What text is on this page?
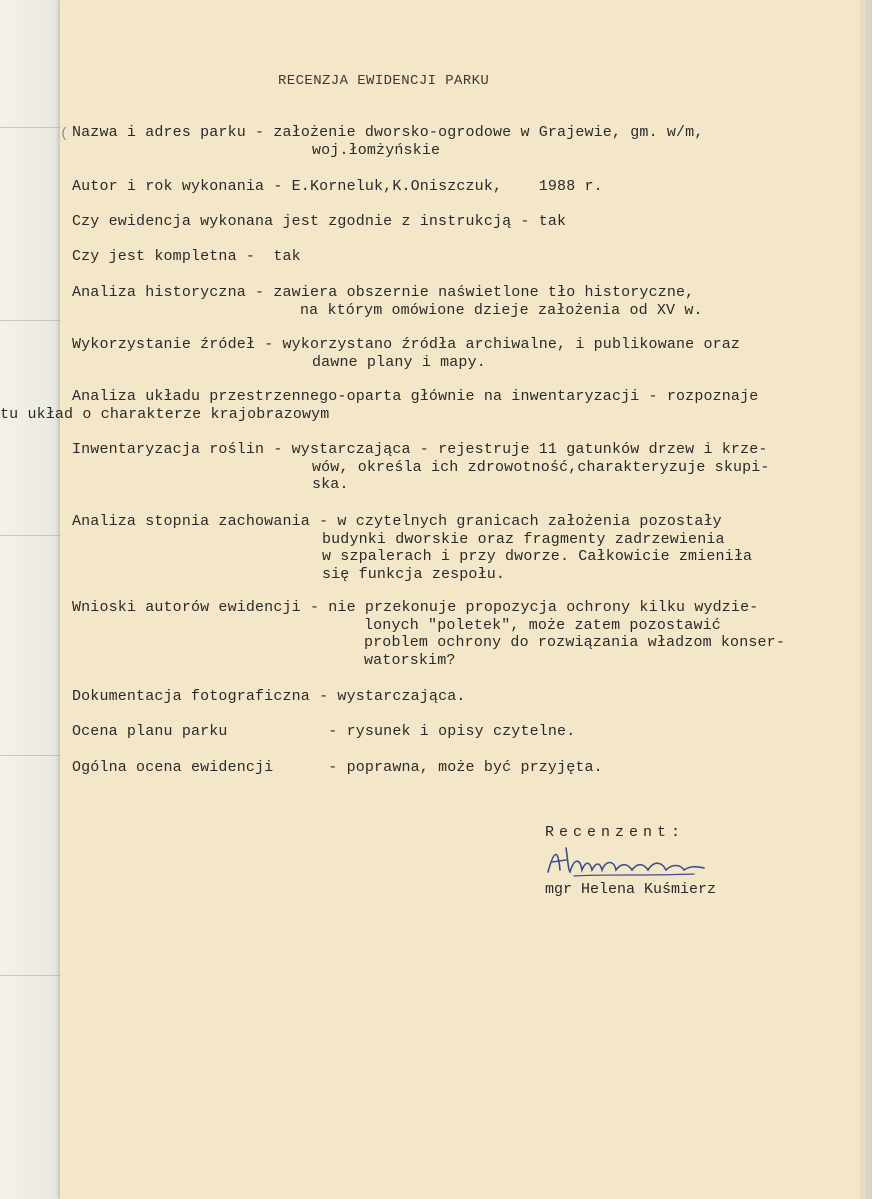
RECENZJA EWIDENCJI PARKU
( Nazwa i adres parku - założenie dworsko-ogrodowe w Grajewie, gm. w/m,
woj.łomżyńskie
Autor i rok wykonania - E.Korneluk,K.Oniszczuk,    1988 r.
Czy ewidencja wykonana jest zgodnie z instrukcją - tak
Czy jest kompletna -  tak
Analiza historyczna - zawiera obszernie naświetlone tło historyczne,
na którym omówione dzieje założenia od XV w.
Wykorzystanie źródeł - wykorzystano źródła archiwalne, i publikowane oraz
dawne plany i mapy.
Analiza układu przestrzennego-oparta głównie na inwentaryzacji - rozpoznaje
tu układ o charakterze krajobrazowym
Inwentaryzacja roślin - wystarczająca - rejestruje 11 gatunków drzew i krze-
wów, określa ich zdrowotność,charakteryzuje skupi-
ska.
Analiza stopnia zachowania - w czytelnych granicach założenia pozostały
budynki dworskie oraz fragmenty zadrzewienia
w szpalerach i przy dworze. Całkowicie zmieniła
się funkcja zespołu.
Wnioski autorów ewidencji - nie przekonuje propozycja ochrony kilku wydzie-
lonych "poletek", może zatem pozostawić
problem ochrony do rozwiązania władzom konser-
watorskim?
Dokumentacja fotograficzna - wystarczająca.
Ocena planu parku           - rysunek i opisy czytelne.
Ogólna ocena ewidencji      - poprawna, może być przyjęta.
Recenzent:
mgr Helena Kuśmierz
